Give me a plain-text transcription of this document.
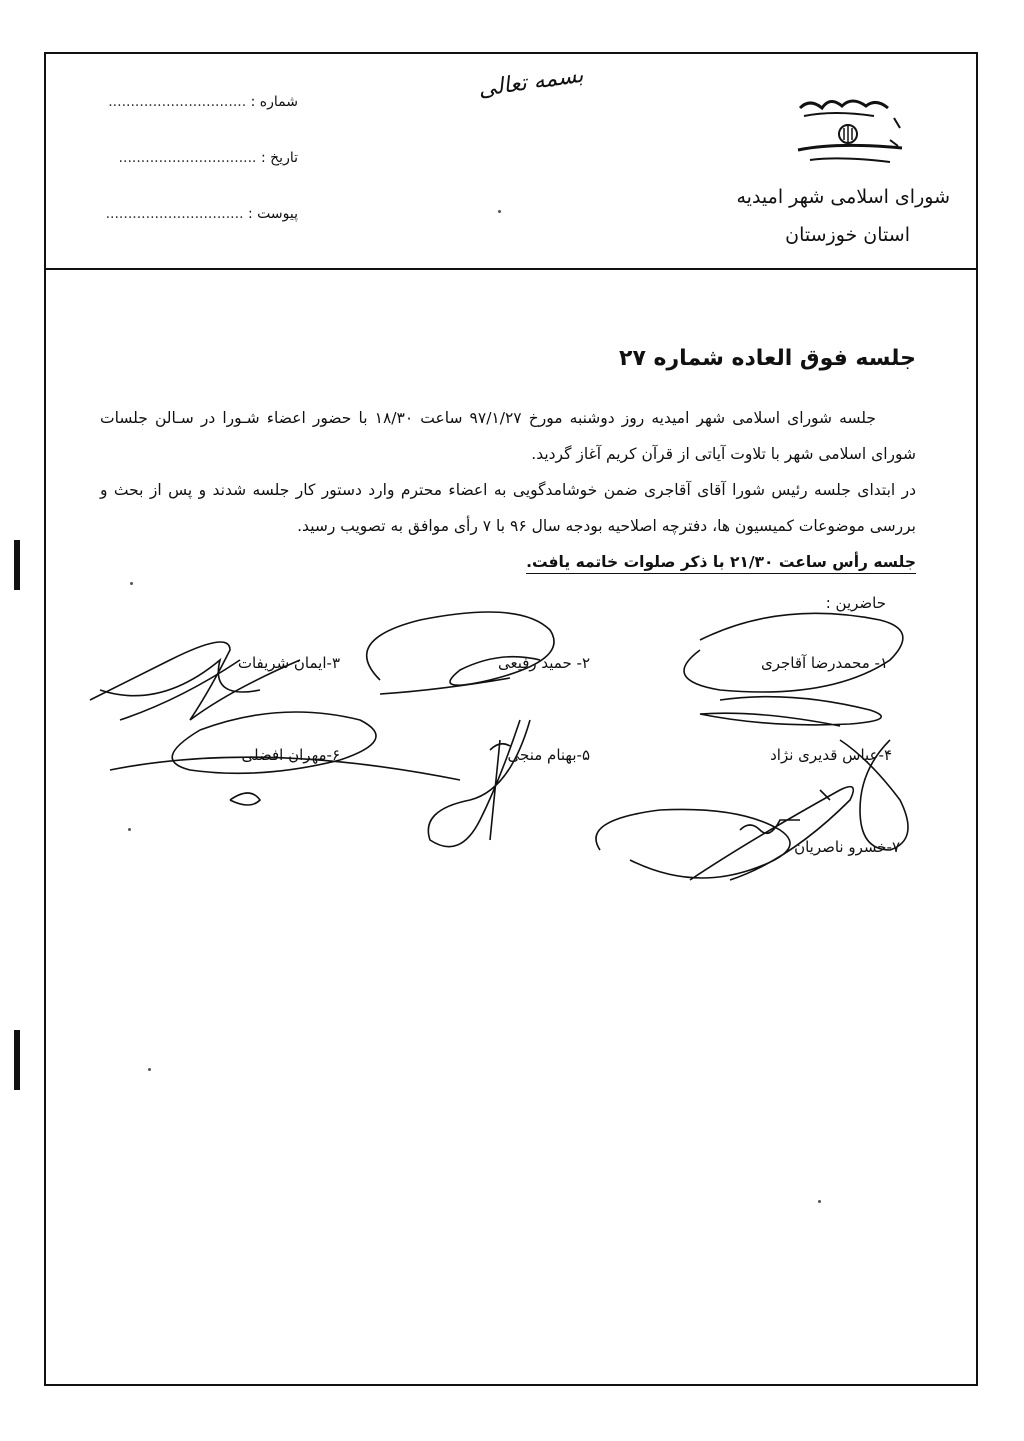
شماره : ...............................
تاریخ : ...............................
پیوست : ...............................
بسمه تعالی
شورای اسلامی شهر امیدیه
استان خوزستان
جلسه فوق العاده شماره ۲۷
جلسه شورای اسلامی شهر امیدیه روز دوشنبه مورخ ۹۷/۱/۲۷ ساعت ۱۸/۳۰ با حضور اعضاء شـورا در سـالن جلسات شورای اسلامی شهر با تلاوت آیاتی از قرآن کریم آغاز گردید.
در ابتدای جلسه رئیس شورا آقای آقاجری ضمن خوشامدگویی به اعضاء محترم وارد دستور کار جلسه شدند و پس از بحث و بررسی موضوعات کمیسیون ها، دفترچه اصلاحیه بودجه سال ۹۶ با ۷ رأی موافق به تصویب رسید.
جلسه رأس ساعت ۲۱/۳۰ با ذکر صلوات خاتمه یافت.
حاضرین :
۱- محمدرضا آقاجری
۲- حمید رفیعی
۳-ایمان شریفات
۴-عباس قدیری نژاد
۵-بهنام منجی
۶-مهران افضلی
۷-خسرو ناصریان
